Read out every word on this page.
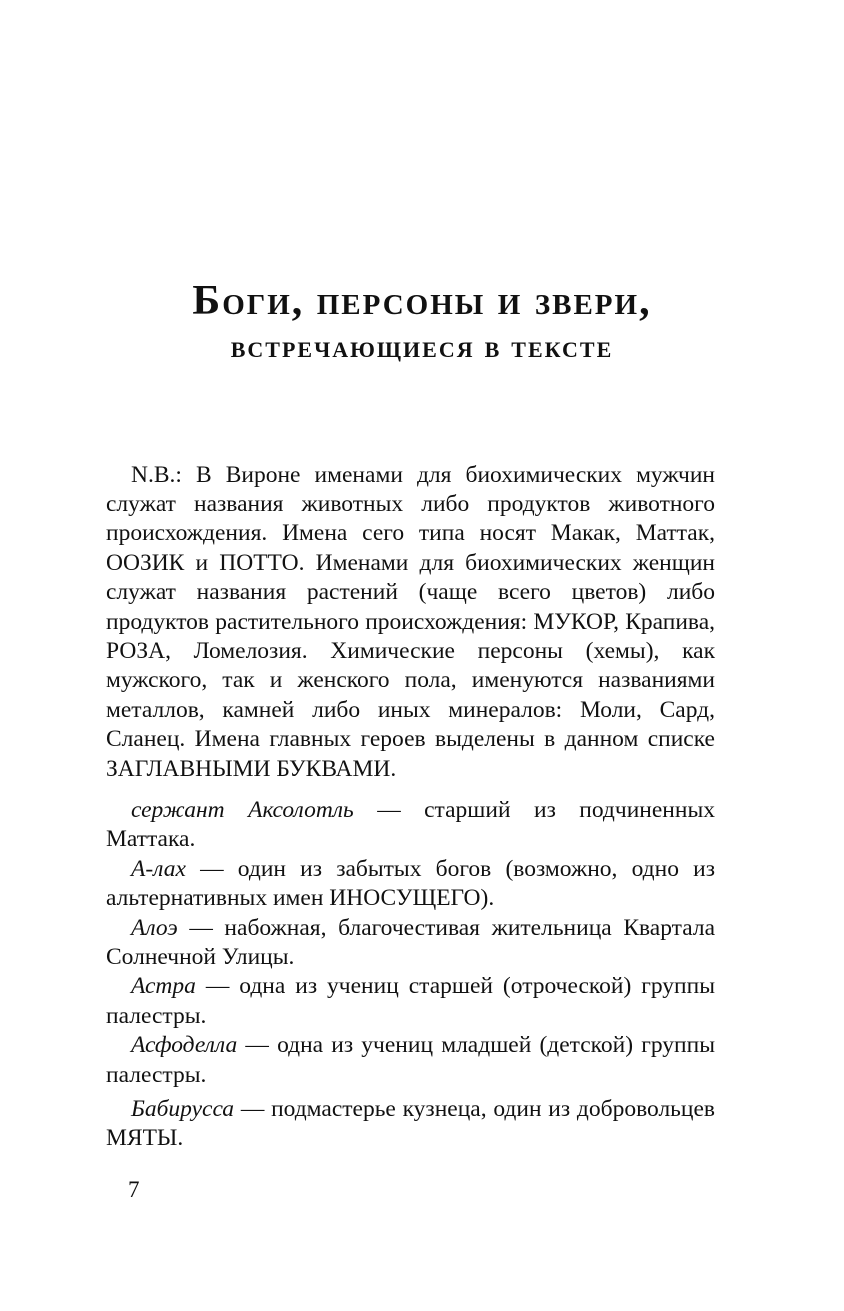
Боги, персоны и звери,
встречающиеся в тексте

N.B.: В Вироне именами для биохимических мужчин служат названия животных либо продуктов животного происхождения. Имена сего типа носят Макак, Маттак, ООЗИК и ПОТТО. Именами для биохимических женщин служат названия растений (чаще всего цветов) либо продуктов растительного происхождения: МУКОР, Крапива, РОЗА, Ломелозия. Химические персоны (хемы), как мужского, так и женского пола, именуются названиями металлов, камней либо иных минералов: Моли, Сард, Сланец. Имена главных героев выделены в данном списке ЗАГЛАВНЫМИ БУКВАМИ.

сержант Аксолотль — старший из подчиненных Маттака.

А-лах — один из забытых богов (возможно, одно из альтернативных имен ИНОСУЩЕГО).

Алоэ — набожная, благочестивая жительница Квартала Солнечной Улицы.

Астра — одна из учениц старшей (отроческой) группы палестры.

Асфоделла — одна из учениц младшей (детской) группы палестры.

Бабирусса — подмастерье кузнеца, один из добровольцев МЯТЫ.

7
